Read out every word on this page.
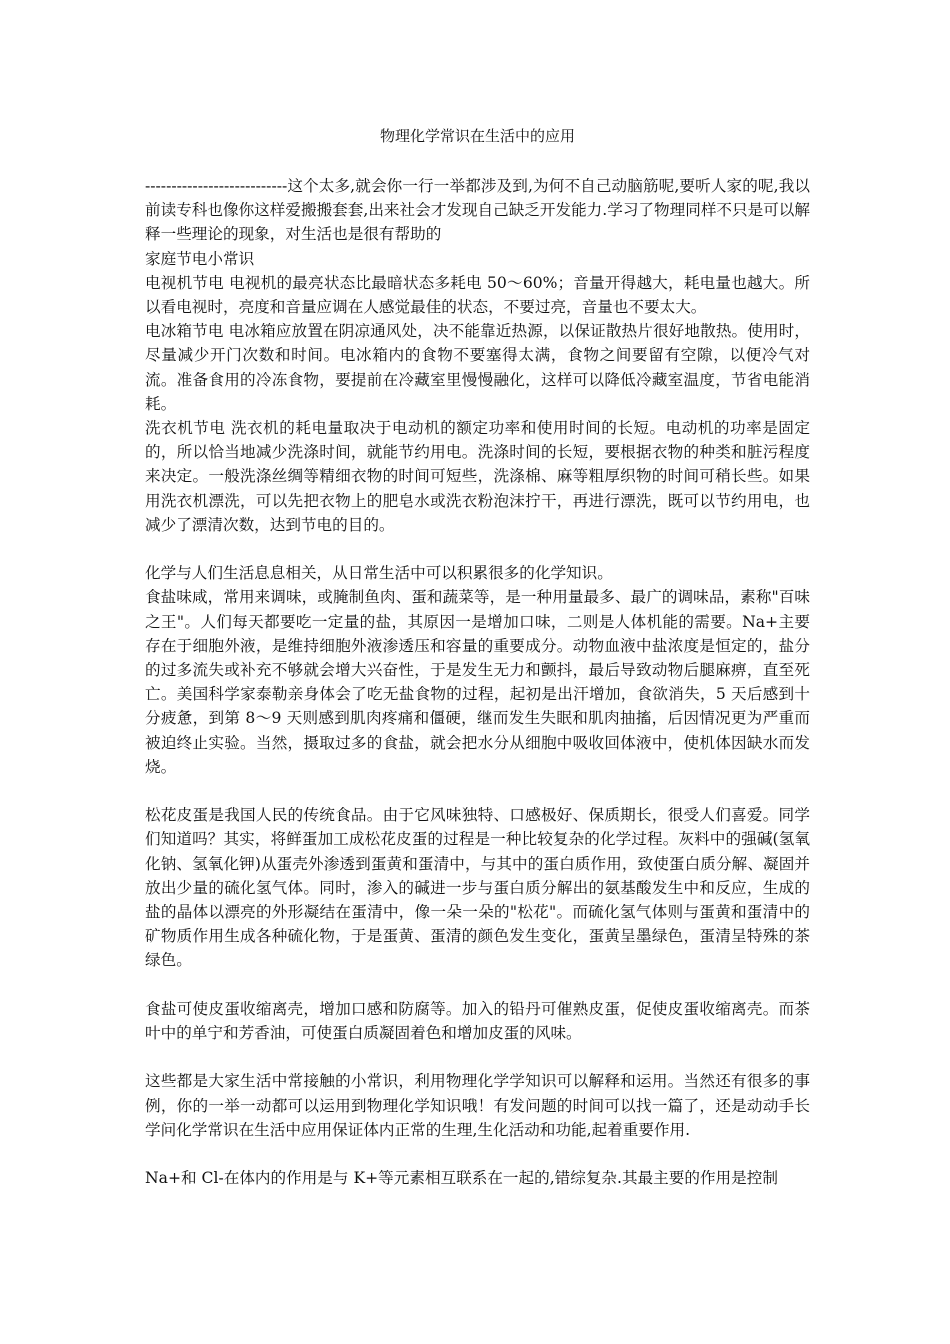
物理化学常识在生活中的应用

---------------------------这个太多,就会你一行一举都涉及到,为何不自己动脑筋呢,要听人家的呢,我以前读专科也像你这样爱搬搬套套,出来社会才发现自己缺乏开发能力.学习了物理同样不只是可以解释一些理论的现象，对生活也是很有帮助的

家庭节电小常识

电视机节电 电视机的最亮状态比最暗状态多耗电 50～60%；音量开得越大，耗电量也越大。所以看电视时，亮度和音量应调在人感觉最佳的状态，不要过亮，音量也不要太大。

电冰箱节电 电冰箱应放置在阴凉通风处，决不能靠近热源，以保证散热片很好地散热。使用时，尽量减少开门次数和时间。电冰箱内的食物不要塞得太满，食物之间要留有空隙，以便冷气对流。准备食用的冷冻食物，要提前在冷藏室里慢慢融化，这样可以降低冷藏室温度，节省电能消耗。

洗衣机节电 洗衣机的耗电量取决于电动机的额定功率和使用时间的长短。电动机的功率是固定的，所以恰当地减少洗涤时间，就能节约用电。洗涤时间的长短，要根据衣物的种类和脏污程度来决定。一般洗涤丝绸等精细衣物的时间可短些，洗涤棉、麻等粗厚织物的时间可稍长些。如果用洗衣机漂洗，可以先把衣物上的肥皂水或洗衣粉泡沫拧干，再进行漂洗，既可以节约用电，也减少了漂清次数，达到节电的目的。

化学与人们生活息息相关，从日常生活中可以积累很多的化学知识。

食盐味咸，常用来调味，或腌制鱼肉、蛋和蔬菜等，是一种用量最多、最广的调味品，素称"百味之王"。人们每天都要吃一定量的盐，其原因一是增加口味，二则是人体机能的需要。Na+主要存在于细胞外液，是维持细胞外液渗透压和容量的重要成分。动物血液中盐浓度是恒定的，盐分的过多流失或补充不够就会增大兴奋性，于是发生无力和颤抖，最后导致动物后腿麻痹，直至死亡。美国科学家泰勒亲身体会了吃无盐食物的过程，起初是出汗增加，食欲消失，5 天后感到十分疲惫，到第 8～9 天则感到肌肉疼痛和僵硬，继而发生失眠和肌肉抽搐，后因情况更为严重而被迫终止实验。当然，摄取过多的食盐，就会把水分从细胞中吸收回体液中，使机体因缺水而发烧。

松花皮蛋是我国人民的传统食品。由于它风味独特、口感极好、保质期长，很受人们喜爱。同学们知道吗？其实，将鲜蛋加工成松花皮蛋的过程是一种比较复杂的化学过程。灰料中的强碱(氢氧化钠、氢氧化钾)从蛋壳外渗透到蛋黄和蛋清中，与其中的蛋白质作用，致使蛋白质分解、凝固并放出少量的硫化氢气体。同时，渗入的碱进一步与蛋白质分解出的氨基酸发生中和反应，生成的盐的晶体以漂亮的外形凝结在蛋清中，像一朵一朵的"松花"。而硫化氢气体则与蛋黄和蛋清中的矿物质作用生成各种硫化物，于是蛋黄、蛋清的颜色发生变化，蛋黄呈墨绿色，蛋清呈特殊的茶绿色。

食盐可使皮蛋收缩离壳，增加口感和防腐等。加入的铅丹可催熟皮蛋，促使皮蛋收缩离壳。而茶叶中的单宁和芳香油，可使蛋白质凝固着色和增加皮蛋的风味。

这些都是大家生活中常接触的小常识，利用物理化学学知识可以解释和运用。当然还有很多的事例，你的一举一动都可以运用到物理化学知识哦！有发问题的时间可以找一篇了，还是动动手长学问化学常识在生活中应用保证体内正常的生理,生化活动和功能,起着重要作用.

Na+和 Cl-在体内的作用是与 K+等元素相互联系在一起的,错综复杂.其最主要的作用是控制
